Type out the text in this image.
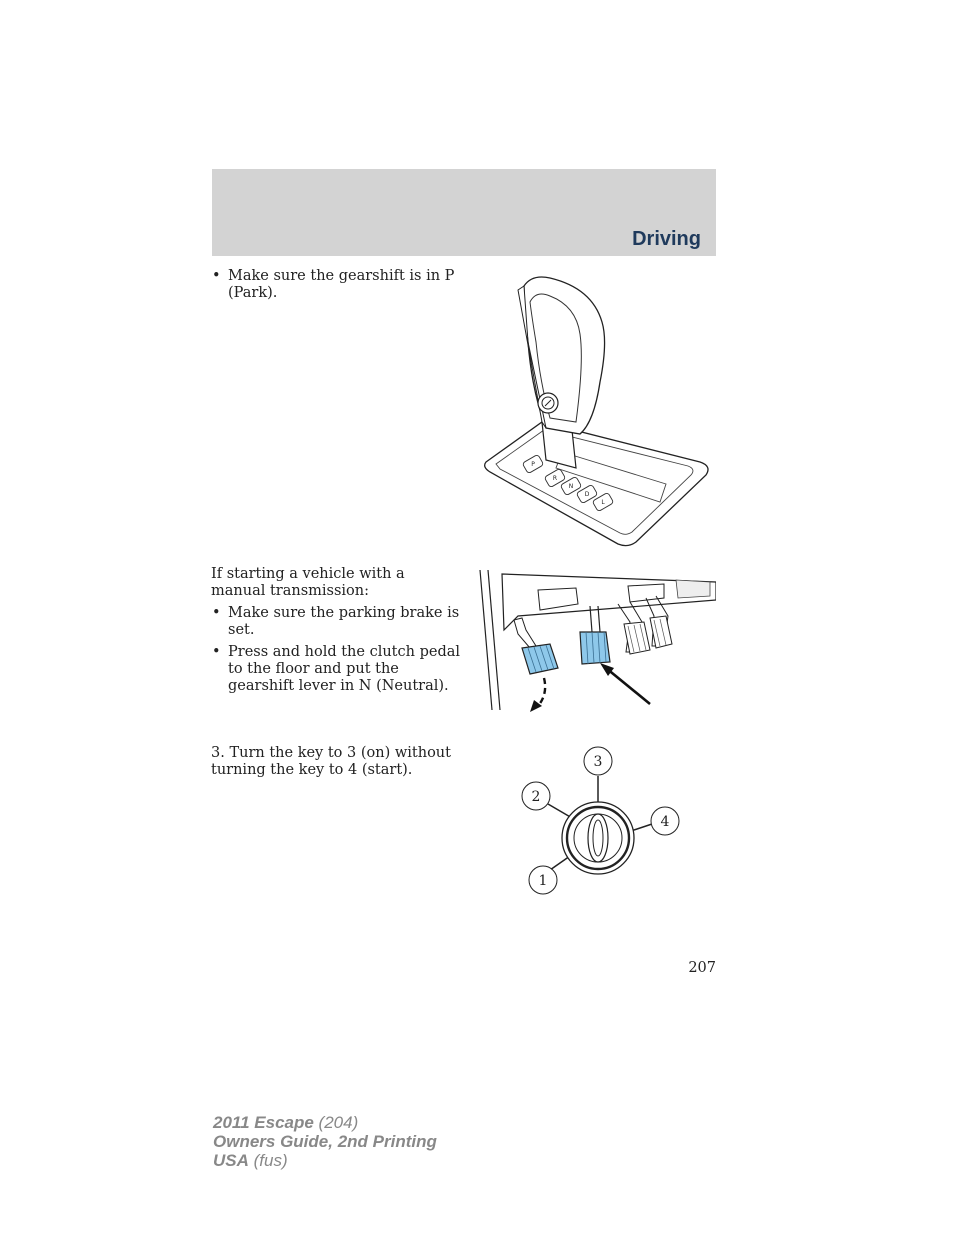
Driving
• Make sure the gearshift is in P (Park).
P
R
N
D
L

If starting a vehicle with a manual transmission:

• Make sure the parking brake is set.
• Press and hold the clutch pedal to the floor and put the gearshift lever in N (Neutral).

3. Turn the key to 3 (on) without turning the key to 4 (start).	3
2
4
1
207
2011 Escape (204)
Owners Guide, 2nd Printing
USA (fus)
